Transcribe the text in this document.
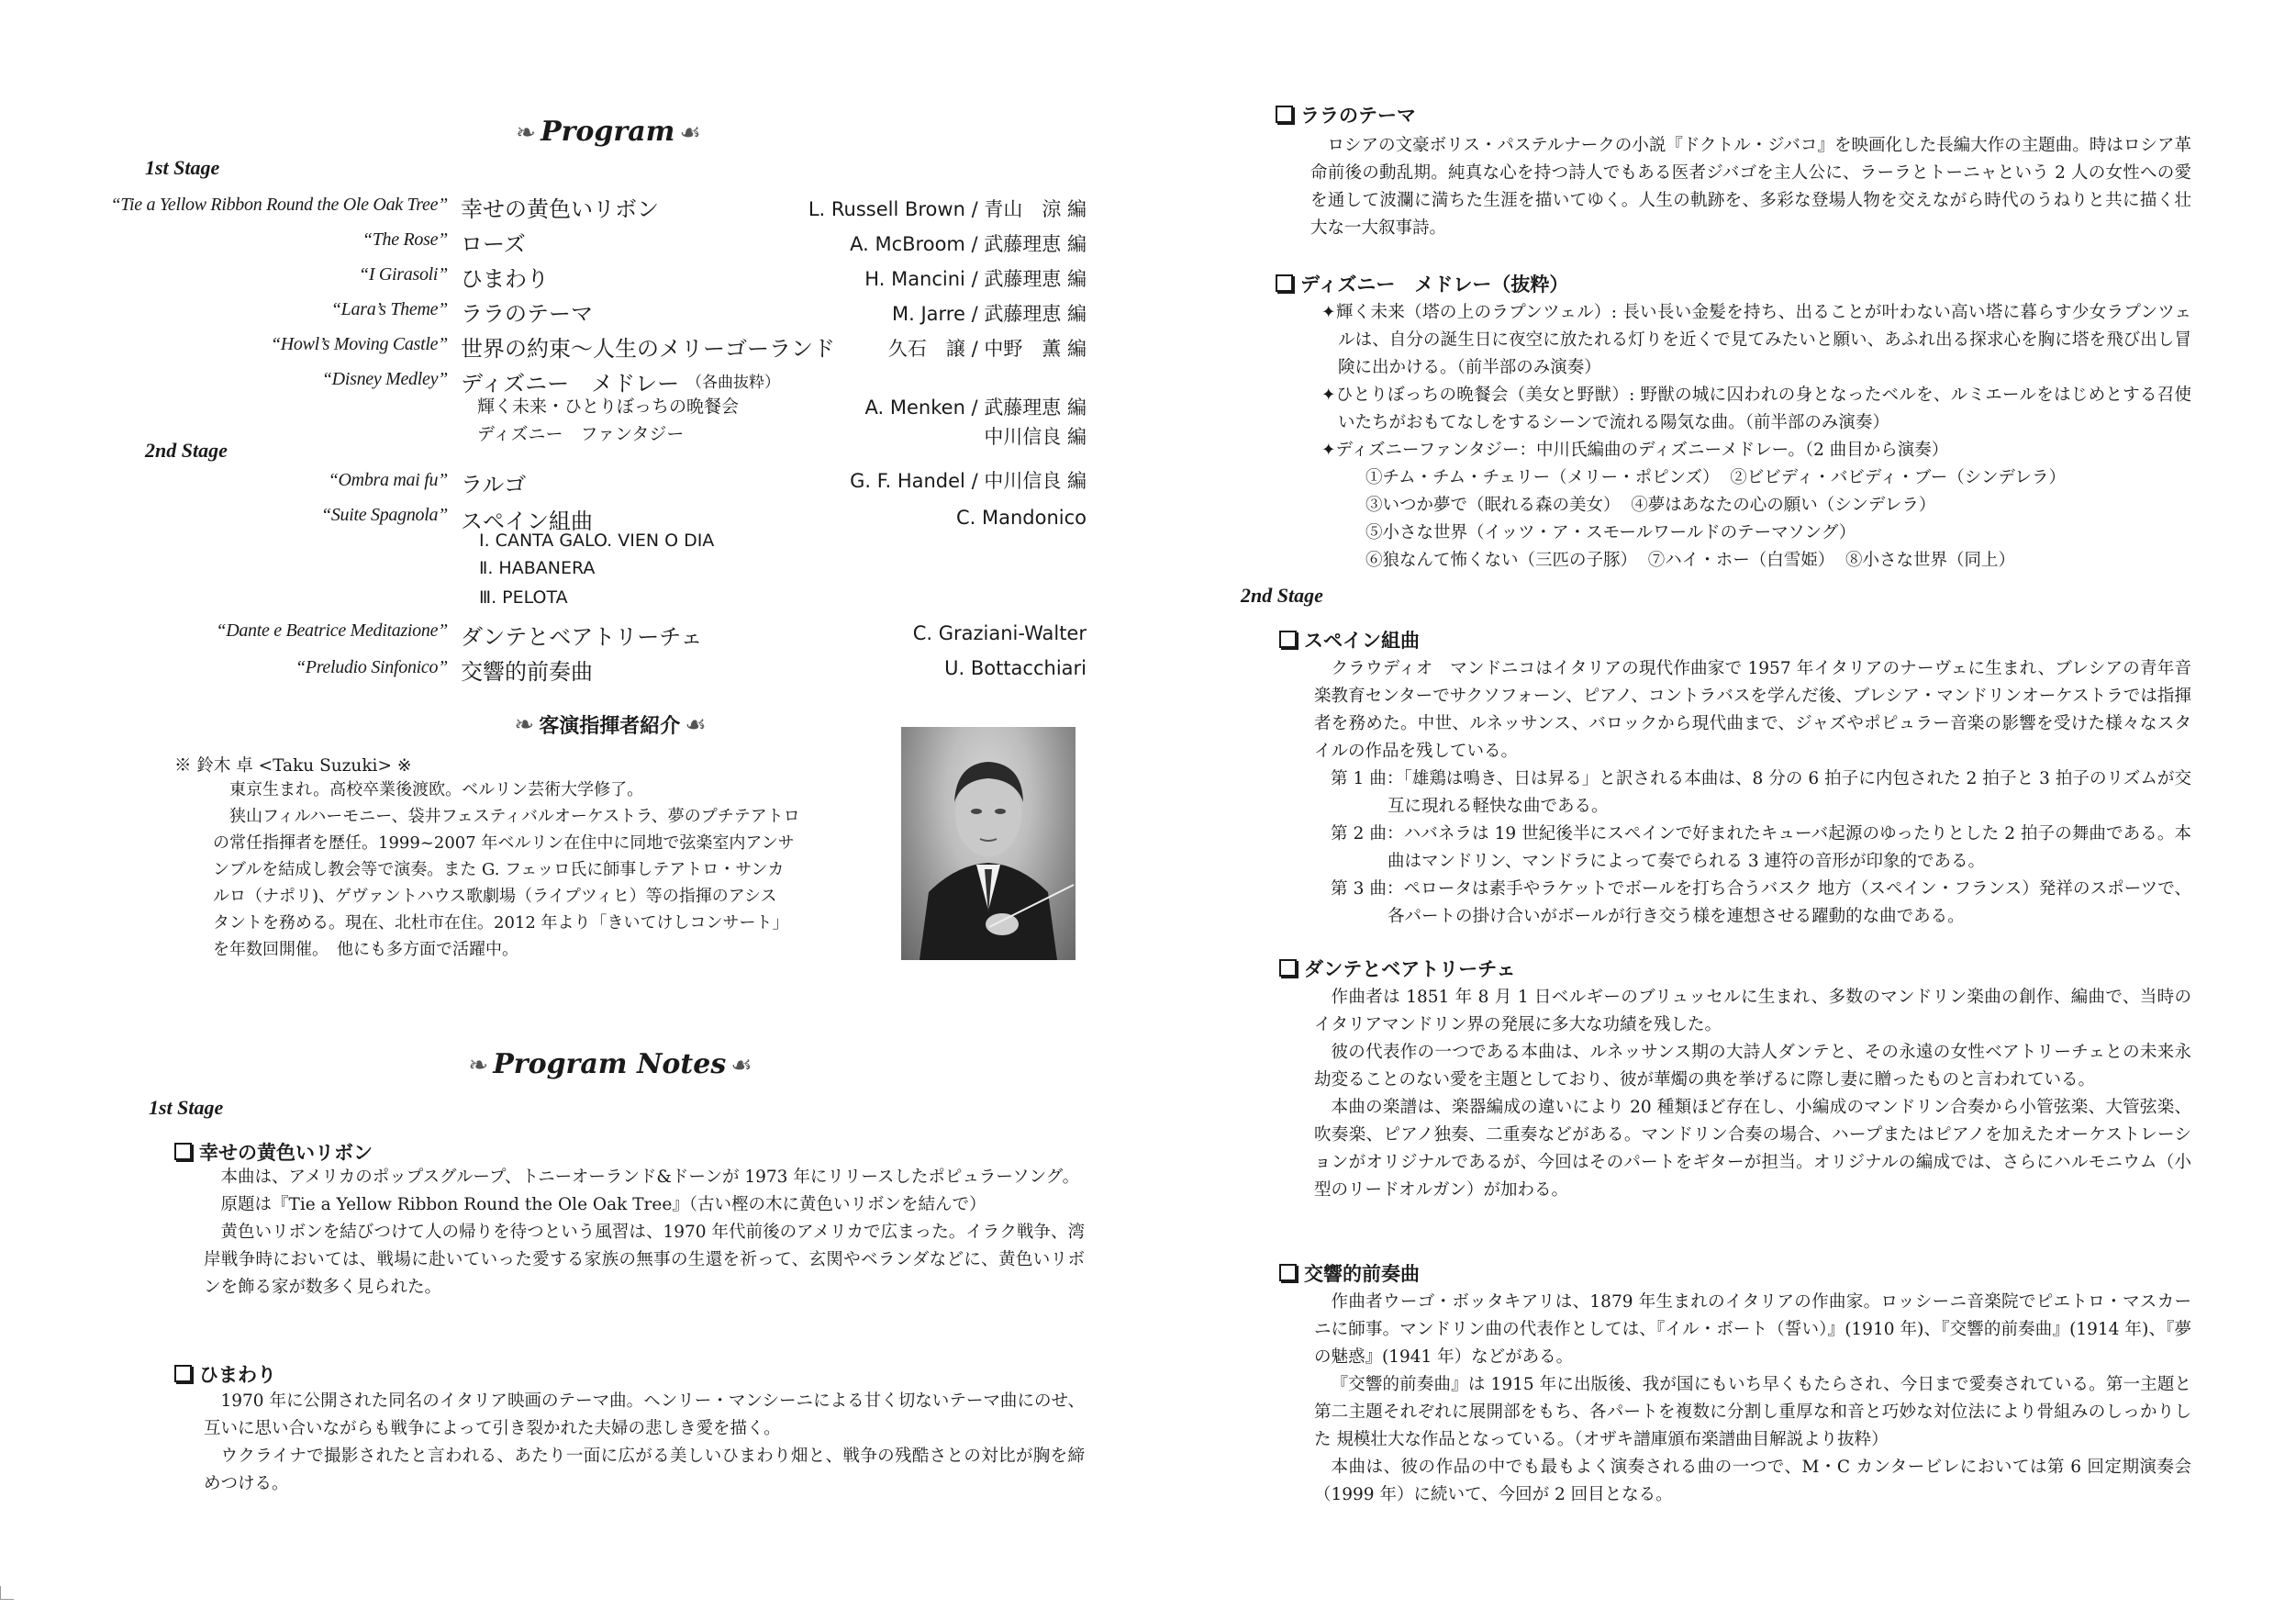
❧ Program ☙
1st Stage
“Tie a Yellow Ribbon Round the Ole Oak Tree” 幸せの黄色いリボン	L. Russell Brown / 青山　涼 編
“The Rose” ローズ	A. McBroom / 武藤理恵 編
“I Girasoli” ひまわり	H. Mancini / 武藤理恵 編
“Lara’s Theme” ララのテーマ	M. Jarre / 武藤理恵 編
“Howl’s Moving Castle” 世界の約束～人生のメリーゴーランド	久石　譲 / 中野　薫 編
“Disney Medley” ディズニー　メドレー （各曲抜粋）
輝く未来・ひとりぼっちの晩餐会	A. Menken / 武藤理恵 編
ディズニー　ファンタジー	中川信良 編
2nd Stage
“Ombra mai fu” ラルゴ	G. F. Handel / 中川信良 編
“Suite Spagnola” スペイン組曲	C. Mandonico
Ⅰ. CANTA GALO. VIEN O DIA
Ⅱ. HABANERA
Ⅲ. PELOTA
“Dante e Beatrice Meditazione” ダンテとベアトリーチェ	C. Graziani-Walter
“Preludio Sinfonico” 交響的前奏曲	U. Bottacchiari
❧ 客演指揮者紹介 ☙
※ 鈴木 卓 <Taku Suzuki> ※
東京生まれ。高校卒業後渡欧。ベルリン芸術大学修了。
狭山フィルハーモニー、袋井フェスティバルオーケストラ、夢のプチテアトロ
の常任指揮者を歴任。1999~2007 年ベルリン在住中に同地で弦楽室内アンサ
ンブルを結成し教会等で演奏。また G. フェッロ氏に師事しテアトロ・サンカ
ルロ（ナポリ)、ゲヴァントハウス歌劇場（ライプツィヒ）等の指揮のアシス
タントを務める。現在、北杜市在住。2012 年より「きいてけしコンサート」
を年数回開催。　他にも多方面で活躍中。
❧ Program Notes ☙
1st Stage
幸せの黄色いリボン

本曲は、アメリカのポップスグループ、トニーオーランド&ドーンが 1973 年にリリースしたポピュラーソング。

原題は『Tie a Yellow Ribbon Round the Ole Oak Tree』（古い樫の木に黄色いリボンを結んで）

黄色いリボンを結びつけて人の帰りを待つという風習は、1970 年代前後のアメリカで広まった。イラク戦争、湾岸戦争時においては、戦場に赴いていった愛する家族の無事の生還を祈って、玄関やベランダなどに、黄色いリボンを飾る家が数多く見られた。

ひまわり

1970 年に公開された同名のイタリア映画のテーマ曲。ヘンリー・マンシーニによる甘く切ないテーマ曲にのせ、互いに思い合いながらも戦争によって引き裂かれた夫婦の悲しき愛を描く。

ウクライナで撮影されたと言われる、あたり一面に広がる美しいひまわり畑と、戦争の残酷さとの対比が胸を締めつける。

ララのテーマ

ロシアの文豪ボリス・パステルナークの小説『ドクトル・ジバコ』を映画化した長編大作の主題曲。時はロシア革命前後の動乱期。純真な心を持つ詩人でもある医者ジバゴを主人公に、ラーラとトーニャという 2 人の女性への愛を通して波瀾に満ちた生涯を描いてゆく。人生の軌跡を、多彩な登場人物を交えながら時代のうねりと共に描く壮大な一大叙事詩。

ディズニー　メドレー（抜粋）

✦輝く未来（塔の上のラプンツェル）: 長い長い金髪を持ち、出ることが叶わない高い塔に暮らす少女ラプンツェルは、自分の誕生日に夜空に放たれる灯りを近くで見てみたいと願い、あふれ出る探求心を胸に塔を飛び出し冒険に出かける。（前半部のみ演奏）

✦ひとりぼっちの晩餐会（美女と野獣）: 野獣の城に囚われの身となったベルを、ルミエールをはじめとする召使いたちがおもてなしをするシーンで流れる陽気な曲。（前半部のみ演奏）

✦ディズニーファンタジー：中川氏編曲のディズニーメドレー。（2 曲目から演奏）

①チム・チム・チェリー（メリー・ポピンズ）  ②ビビディ・バビディ・ブー（シンデレラ）
③いつか夢で（眠れる森の美女）  ④夢はあなたの心の願い（シンデレラ）
⑤小さな世界（イッツ・ア・スモールワールドのテーマソング）
⑥狼なんて怖くない（三匹の子豚）  ⑦ハイ・ホー（白雪姫）  ⑧小さな世界（同上）
2nd Stage
スペイン組曲

クラウディオ　マンドニコはイタリアの現代作曲家で 1957 年イタリアのナーヴェに生まれ、ブレシアの青年音楽教育センターでサクソフォーン、ピアノ、コントラバスを学んだ後、ブレシア・マンドリンオーケストラでは指揮者を務めた。中世、ルネッサンス、バロックから現代曲まで、ジャズやポピュラー音楽の影響を受けた様々なスタイルの作品を残している。

第 1 曲：「雄鶏は鳴き、日は昇る」と訳される本曲は、8 分の 6 拍子に内包された 2 拍子と 3 拍子のリズムが交互に現れる軽快な曲である。

第 2 曲：ハバネラは 19 世紀後半にスペインで好まれたキューバ起源のゆったりとした 2 拍子の舞曲である。本曲はマンドリン、マンドラによって奏でられる 3 連符の音形が印象的である。

第 3 曲：ペロータは素手やラケットでボールを打ち合うバスク 地方（スペイン・フランス）発祥のスポーツで、各パートの掛け合いがボールが行き交う様を連想させる躍動的な曲である。

ダンテとベアトリーチェ

作曲者は 1851 年 8 月 1 日ベルギーのブリュッセルに生まれ、多数のマンドリン楽曲の創作、編曲で、当時のイタリアマンドリン界の発展に多大な功績を残した。

彼の代表作の一つである本曲は、ルネッサンス期の大詩人ダンテと、その永遠の女性ベアトリーチェとの未来永劫変ることのない愛を主題としており、彼が華燭の典を挙げるに際し妻に贈ったものと言われている。

本曲の楽譜は、楽器編成の違いにより 20 種類ほど存在し、小編成のマンドリン合奏から小管弦楽、大管弦楽、吹奏楽、ピアノ独奏、二重奏などがある。マンドリン合奏の場合、ハープまたはピアノを加えたオーケストレーションがオリジナルであるが、今回はそのパートをギターが担当。オリジナルの編成では、さらにハルモニウム（小型のリードオルガン）が加わる。

交響的前奏曲

作曲者ウーゴ・ボッタキアリは、1879 年生まれのイタリアの作曲家。ロッシーニ音楽院でピエトロ・マスカーニに師事。マンドリン曲の代表作としては、『イル・ボート（誓い）』(1910 年)、『交響的前奏曲』(1914 年)、『夢の魅惑』(1941 年）などがある。

『交響的前奏曲』は 1915 年に出版後、我が国にもいち早くもたらされ、今日まで愛奏されている。第一主題と第二主題それぞれに展開部をもち、各パートを複数に分割し重厚な和音と巧妙な対位法により骨組みのしっかりした 規模壮大な作品となっている。（オザキ譜庫頒布楽譜曲目解説より抜粋）

本曲は、彼の作品の中でも最もよく演奏される曲の一つで、M・C カンタービレにおいては第 6 回定期演奏会（1999 年）に続いて、今回が 2 回目となる。
